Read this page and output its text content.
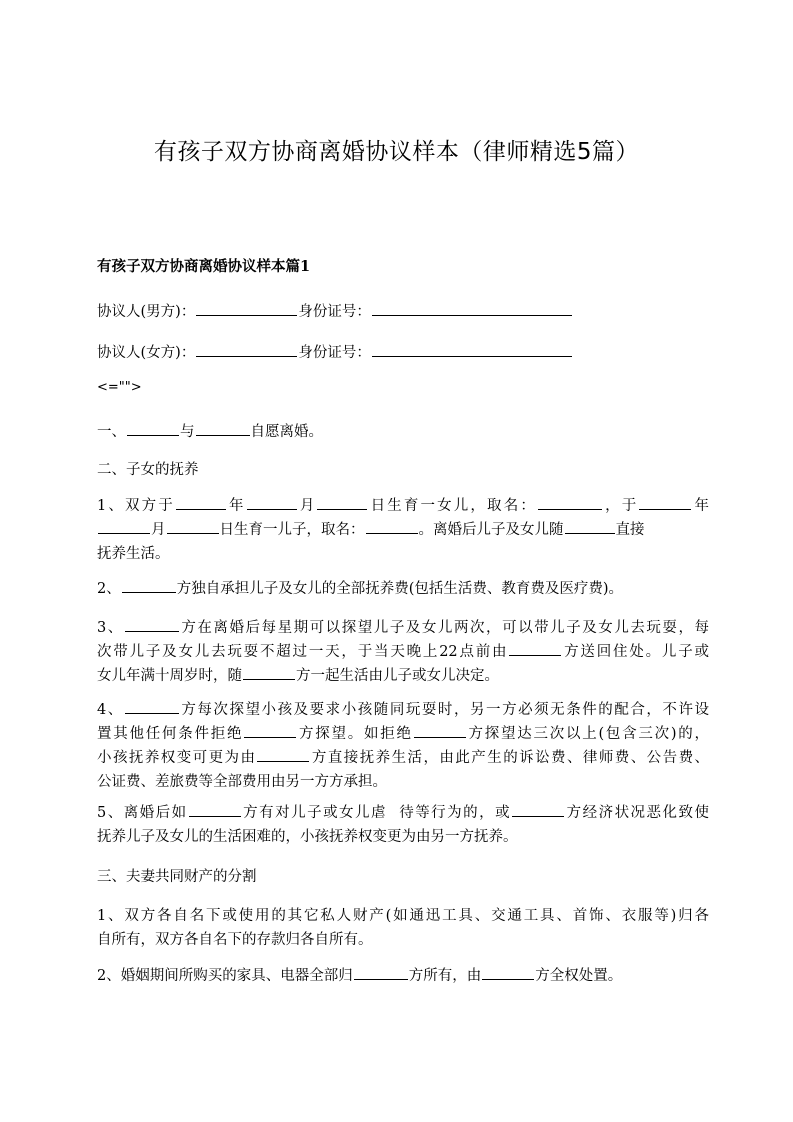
有孩子双方协商离婚协议样本（律师精选5篇）
有孩子双方协商离婚协议样本篇1
协议人(男方)：	身份证号：
协议人(女方)：	身份证号：
<="">
一、	与	自愿离婚。
二、子女的抚养
1、双方于	年	月	日生育一女儿，取名：	，于	年
月	日生育一儿子，取名：	。离婚后儿子及女儿随	直接
抚养生活。
2、	方独自承担儿子及女儿的全部抚养费(包括生活费、教育费及医疗费)。
3、	方在离婚后每星期可以探望儿子及女儿两次，可以带儿子及女儿去玩耍，每
次带儿子及女儿去玩耍不超过一天，于当天晚上22点前由	方送回住处。儿子或
女儿年满十周岁时，随	方一起生活由儿子或女儿决定。
4、	方每次探望小孩及要求小孩随同玩耍时，另一方必须无条件的配合，不许设
置其他任何条件拒绝	方探望。如拒绝	方探望达三次以上(包含三次)的，
小孩抚养权变可更为由	方直接抚养生活，由此产生的诉讼费、律师费、公告费、
公证费、差旅费等全部费用由另一方方承担。
5、离婚后如	方有对儿子或女儿虐  待等行为的，或	方经济状况恶化致使
抚养儿子及女儿的生活困难的，小孩抚养权变更为由另一方抚养。
三、夫妻共同财产的分割
1、双方各自名下或使用的其它私人财产(如通迅工具、交通工具、首饰、衣服等)归各
自所有，双方各自名下的存款归各自所有。
2、婚姻期间所购买的家具、电器全部归	方所有，由	方全权处置。
